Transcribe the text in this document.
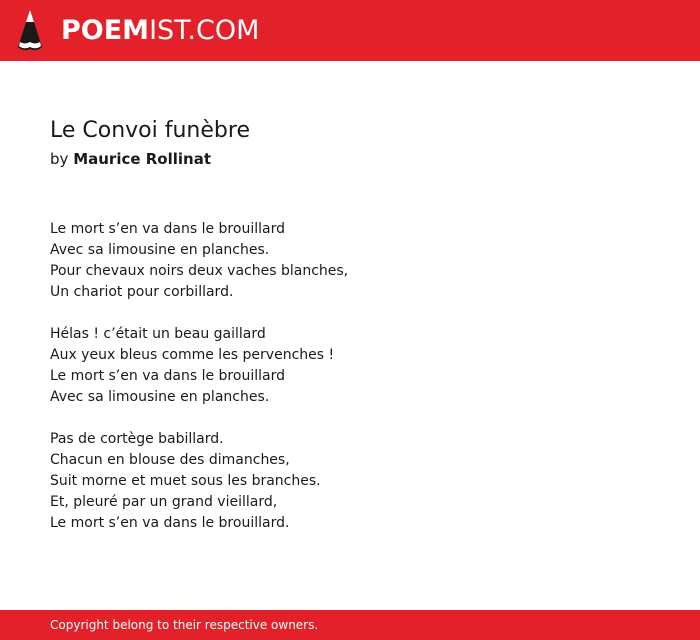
POEMIST.COM
Le Convoi funèbre
by Maurice Rollinat
Le mort s’en va dans le brouillard
Avec sa limousine en planches.
Pour chevaux noirs deux vaches blanches,
Un chariot pour corbillard.
Hélas ! c’était un beau gaillard
Aux yeux bleus comme les pervenches !
Le mort s’en va dans le brouillard
Avec sa limousine en planches.
Pas de cortège babillard.
Chacun en blouse des dimanches,
Suit morne et muet sous les branches.
Et, pleuré par un grand vieillard,
Le mort s’en va dans le brouillard.
Copyright belong to their respective owners.
